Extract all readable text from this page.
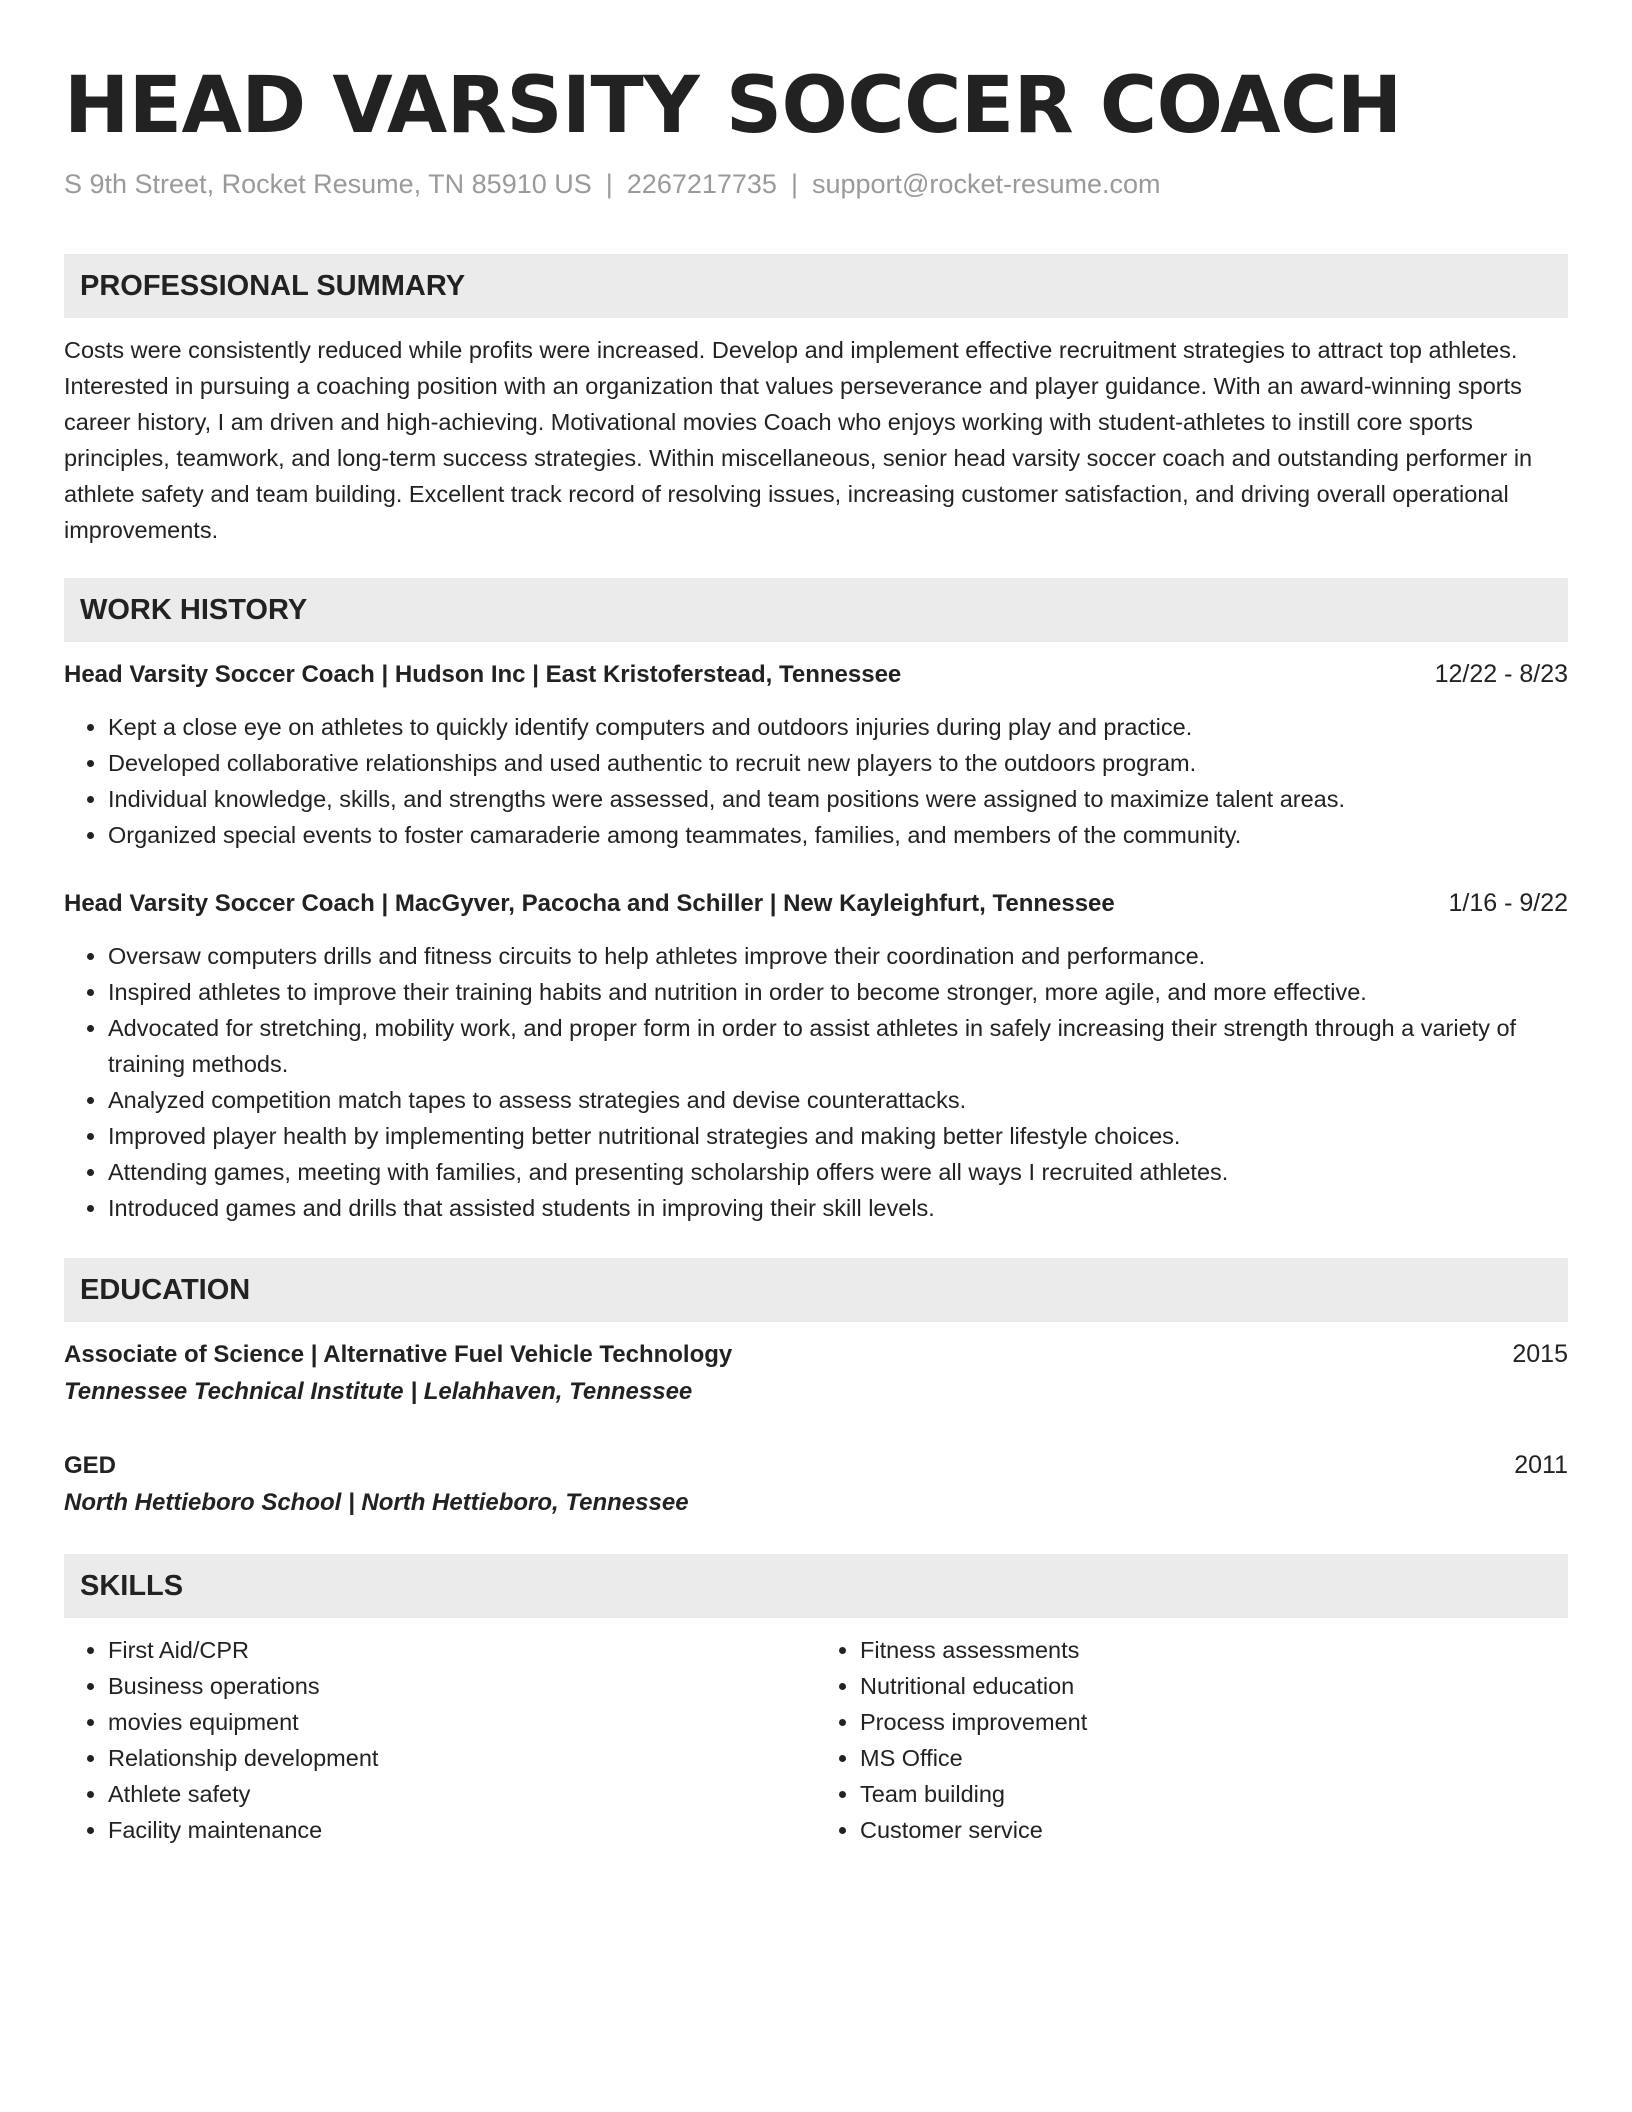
HEAD VARSITY SOCCER COACH
S 9th Street, Rocket Resume, TN 85910 US | 2267217735 | support@rocket-resume.com
PROFESSIONAL SUMMARY
Costs were consistently reduced while profits were increased. Develop and implement effective recruitment strategies to attract top athletes. Interested in pursuing a coaching position with an organization that values perseverance and player guidance. With an award-winning sports career history, I am driven and high-achieving. Motivational movies Coach who enjoys working with student-athletes to instill core sports principles, teamwork, and long-term success strategies. Within miscellaneous, senior head varsity soccer coach and outstanding performer in athlete safety and team building. Excellent track record of resolving issues, increasing customer satisfaction, and driving overall operational improvements.
WORK HISTORY
Head Varsity Soccer Coach | Hudson Inc | East Kristoferstead, Tennessee	12/22 - 8/23
• Kept a close eye on athletes to quickly identify computers and outdoors injuries during play and practice.
• Developed collaborative relationships and used authentic to recruit new players to the outdoors program.
• Individual knowledge, skills, and strengths were assessed, and team positions were assigned to maximize talent areas.
• Organized special events to foster camaraderie among teammates, families, and members of the community.
Head Varsity Soccer Coach | MacGyver, Pacocha and Schiller | New Kayleighfurt, Tennessee	1/16 - 9/22
• Oversaw computers drills and fitness circuits to help athletes improve their coordination and performance.
• Inspired athletes to improve their training habits and nutrition in order to become stronger, more agile, and more effective.
• Advocated for stretching, mobility work, and proper form in order to assist athletes in safely increasing their strength through a variety of training methods.
• Analyzed competition match tapes to assess strategies and devise counterattacks.
• Improved player health by implementing better nutritional strategies and making better lifestyle choices.
• Attending games, meeting with families, and presenting scholarship offers were all ways I recruited athletes.
• Introduced games and drills that assisted students in improving their skill levels.
EDUCATION
Associate of Science | Alternative Fuel Vehicle Technology	2015
Tennessee Technical Institute | Lelahhaven, Tennessee
GED	2011
North Hettieboro School | North Hettieboro, Tennessee
SKILLS
• First Aid/CPR
• Business operations
• movies equipment
• Relationship development
• Athlete safety
• Facility maintenance
• Fitness assessments
• Nutritional education
• Process improvement
• MS Office
• Team building
• Customer service
